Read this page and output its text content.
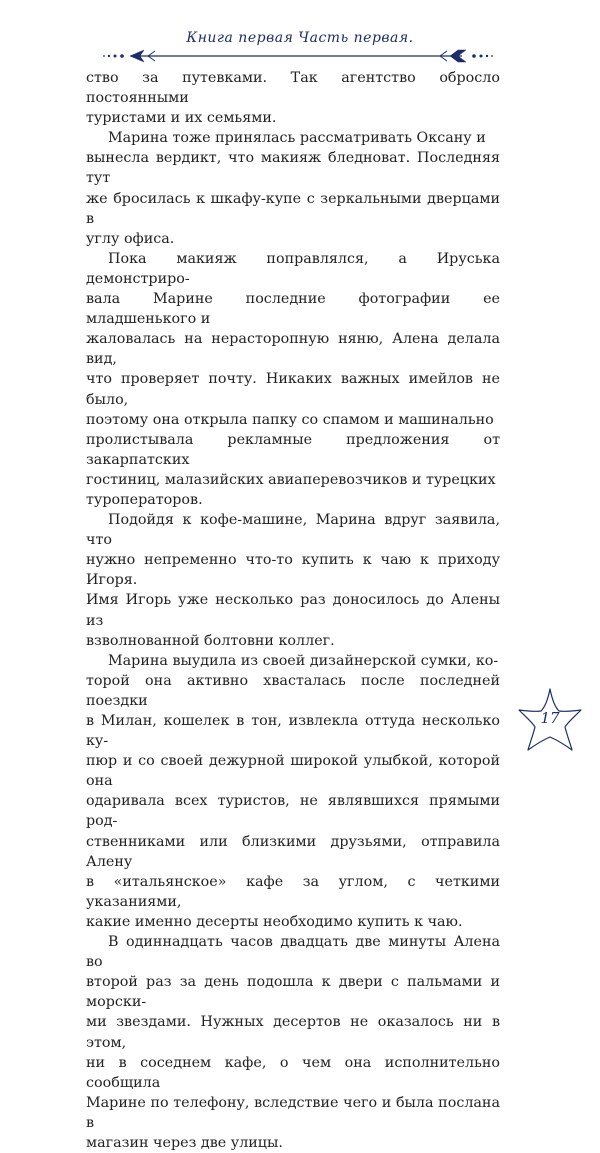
Книга первая Часть первая.

ство за путевками. Так агентство обросло постоянными
туристами и их семьями.

Марина тоже принялась рассматривать Оксану и
вынесла вердикт, что макияж бледноват. Последняя тут
же бросилась к шкафу-купе с зеркальными дверцами в
углу офиса.

Пока макияж поправлялся, а Ируська демонстриро-
вала Марине последние фотографии ее младшенького и
жаловалась на нерасторопную няню, Алена делала вид,
что проверяет почту. Никаких важных имейлов не было,
поэтому она открыла папку со спамом и машинально
пролистывала рекламные предложения от закарпатских
гостиниц, малазийских авиаперевозчиков и турецких
туроператоров.

Подойдя к кофе-машине, Марина вдруг заявила, что
нужно непременно что-то купить к чаю к приходу Игоря.
Имя Игорь уже несколько раз доносилось до Алены из
взволнованной болтовни коллег.

Марина выудила из своей дизайнерской сумки, ко-
торой она активно хвасталась после последней поездки
в Милан, кошелек в тон, извлекла оттуда несколько ку-
пюр и со своей дежурной широкой улыбкой, которой она
одаривала всех туристов, не являвшихся прямыми род-
ственниками или близкими друзьями, отправила Алену
в «итальянское» кафе за углом, с четкими указаниями,
какие именно десерты необходимо купить к чаю.

В одиннадцать часов двадцать две минуты Алена во
второй раз за день подошла к двери с пальмами и морски-
ми звездами. Нужных десертов не оказалось ни в этом,
ни в соседнем кафе, о чем она исполнительно сообщила
Марине по телефону, вследствие чего и была послана в
магазин через две улицы.

17
